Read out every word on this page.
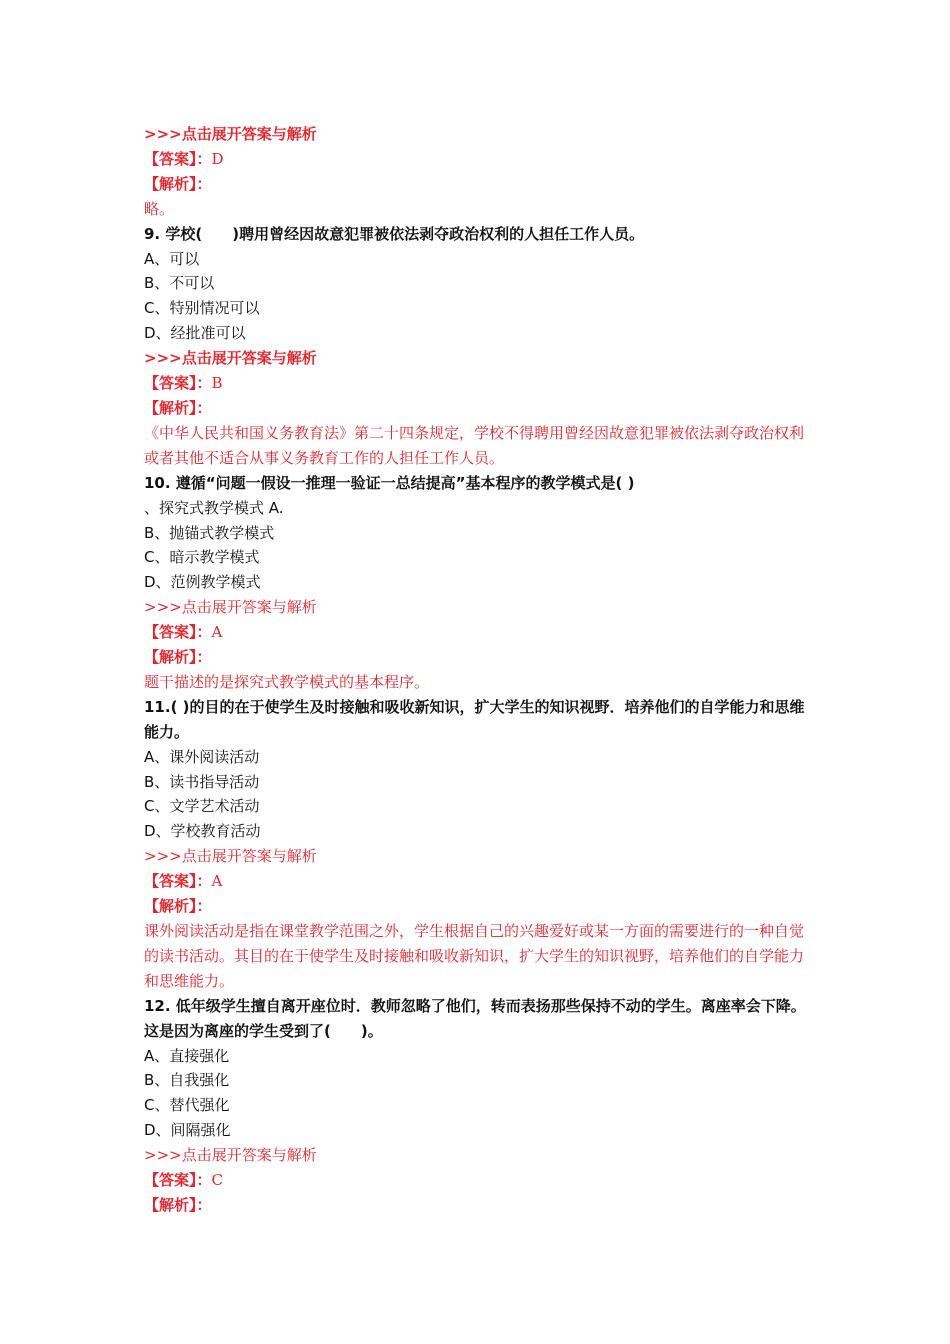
>>>点击展开答案与解析
【答案】：D
【解析】：
略。
9. 学校(　　)聘用曾经因故意犯罪被依法剥夺政治权利的人担任工作人员。
A、可以
B、不可以
C、特别情况可以
D、经批准可以
>>>点击展开答案与解析
【答案】：B
【解析】：
《中华人民共和国义务教育法》第二十四条规定，学校不得聘用曾经因故意犯罪被依法剥夺政治权利或者其他不适合从事义务教育工作的人担任工作人员。
10. 遵循“问题一假设一推理一验证一总结提高”基本程序的教学模式是( )
、探究式教学模式 A.
B、抛锚式教学模式
C、暗示教学模式
D、范例教学模式
>>>点击展开答案与解析
【答案】：A
【解析】：
题干描述的是探究式教学模式的基本程序。
11.( )的目的在于使学生及时接触和吸收新知识，扩大学生的知识视野．培养他们的自学能力和思维能力。
A、课外阅读活动
B、读书指导活动
C、文学艺术活动
D、学校教育活动
>>>点击展开答案与解析
【答案】：A
【解析】：
课外阅读活动是指在课堂教学范围之外，学生根据自己的兴趣爱好或某一方面的需要进行的一种自觉的读书活动。其目的在于使学生及时接触和吸收新知识，扩大学生的知识视野，培养他们的自学能力和思维能力。
12. 低年级学生擅自离开座位时．教师忽略了他们，转而表扬那些保持不动的学生。离座率会下降。这是因为离座的学生受到了(　　)。
A、直接强化
B、自我强化
C、替代强化
D、间隔强化
>>>点击展开答案与解析
【答案】：C
【解析】：
